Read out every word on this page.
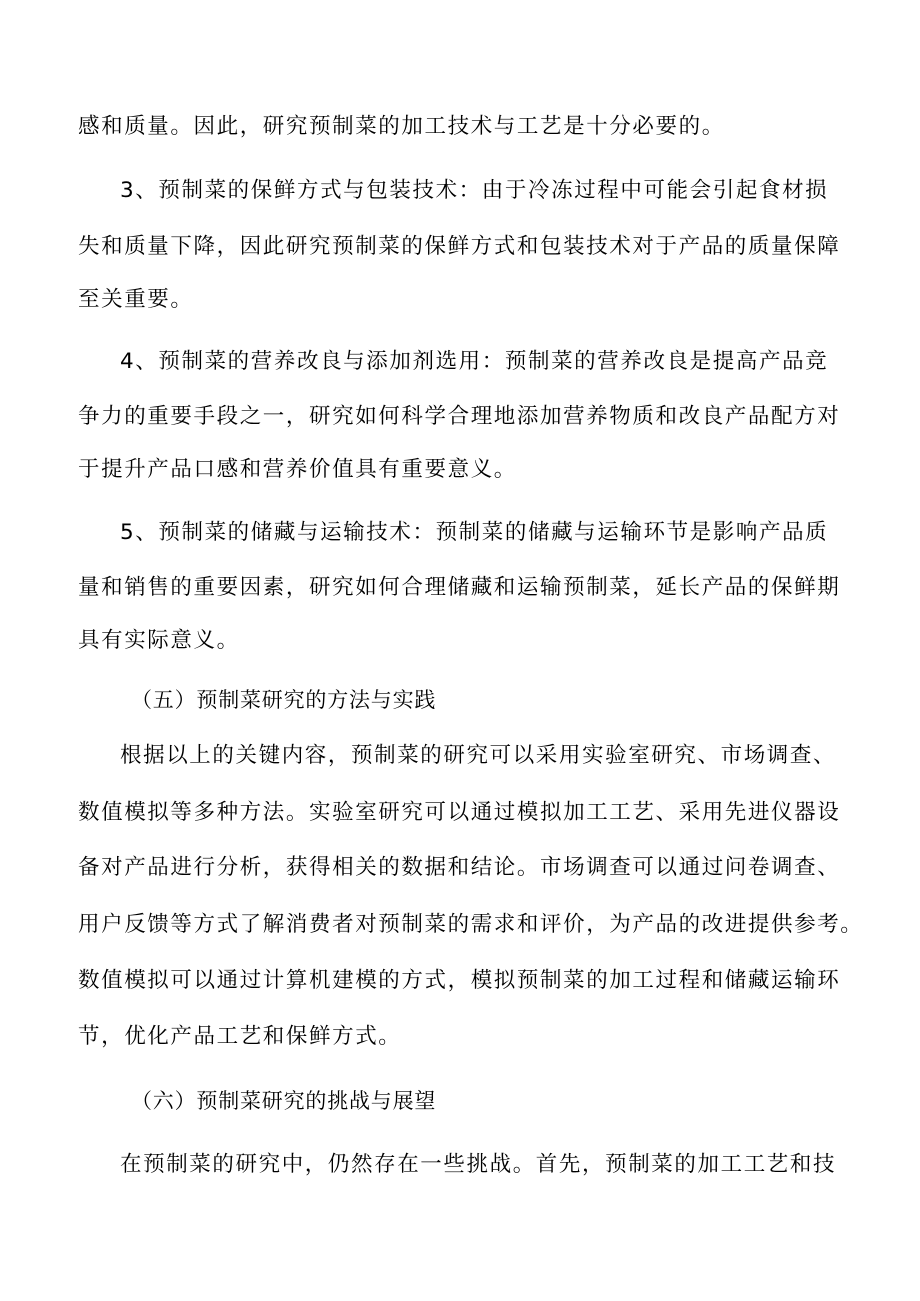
感和质量。因此，研究预制菜的加工技术与工艺是十分必要的。
3、预制菜的保鲜方式与包装技术：由于冷冻过程中可能会引起食材损
失和质量下降，因此研究预制菜的保鲜方式和包装技术对于产品的质量保障
至关重要。
4、预制菜的营养改良与添加剂选用：预制菜的营养改良是提高产品竞
争力的重要手段之一，研究如何科学合理地添加营养物质和改良产品配方对
于提升产品口感和营养价值具有重要意义。
5、预制菜的储藏与运输技术：预制菜的储藏与运输环节是影响产品质
量和销售的重要因素，研究如何合理储藏和运输预制菜，延长产品的保鲜期
具有实际意义。
（五）预制菜研究的方法与实践
根据以上的关键内容，预制菜的研究可以采用实验室研究、市场调查、
数值模拟等多种方法。实验室研究可以通过模拟加工工艺、采用先进仪器设
备对产品进行分析，获得相关的数据和结论。市场调查可以通过问卷调查、
用户反馈等方式了解消费者对预制菜的需求和评价，为产品的改进提供参考。
数值模拟可以通过计算机建模的方式，模拟预制菜的加工过程和储藏运输环
节，优化产品工艺和保鲜方式。
（六）预制菜研究的挑战与展望
在预制菜的研究中，仍然存在一些挑战。首先，预制菜的加工工艺和技
